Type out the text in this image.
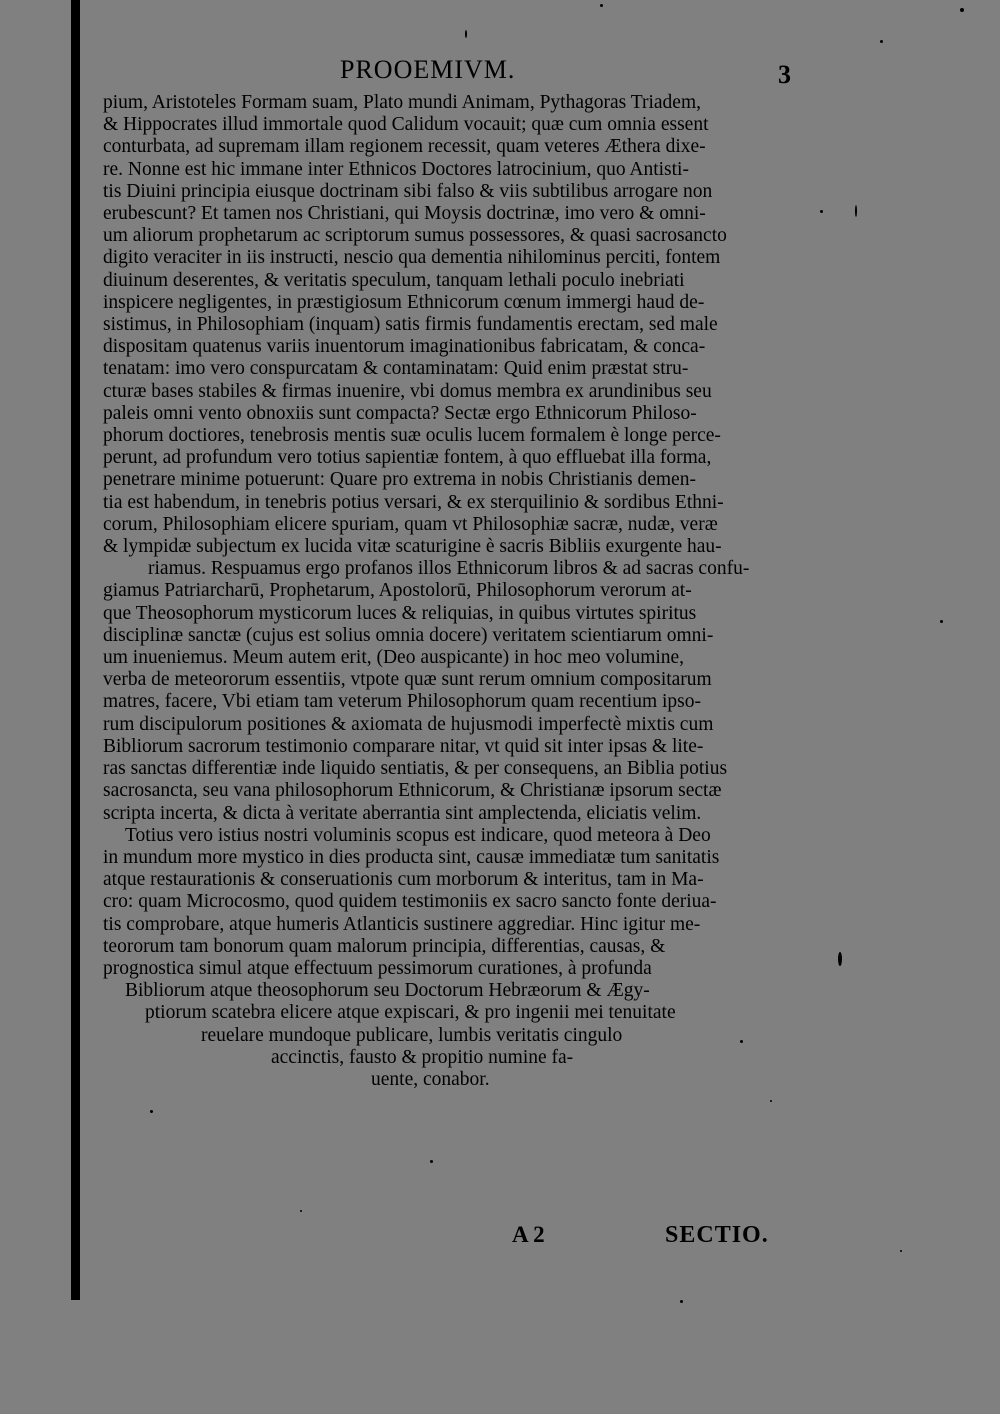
PROOEMIVM.	3
pium, Aristoteles Formam suam, Plato mundi Animam, Pythagoras Triadem,
& Hippocrates illud immortale quod Calidum vocauit; quæ cum omnia essent
conturbata, ad supremam illam regionem recessit, quam veteres Æthera dixe-
re. Nonne est hic immane inter Ethnicos Doctores latrocinium, quo Antisti-
tis Diuini principia eiusque doctrinam sibi falso & viis subtilibus arrogare non
erubescunt? Et tamen nos Christiani, qui Moysis doctrinæ, imo vero & omni-
um aliorum prophetarum ac scriptorum sumus possessores, & quasi sacrosancto
digito veraciter in iis instructi, nescio qua dementia nihilominus perciti, fontem
diuinum deserentes, & veritatis speculum, tanquam lethali poculo inebriati
inspicere negligentes, in præstigiosum Ethnicorum cœnum immergi haud de-
sistimus, in Philosophiam (inquam) satis firmis fundamentis erectam, sed male
dispositam quatenus variis inuentorum imaginationibus fabricatam, & conca-
tenatam: imo vero conspurcatam & contaminatam: Quid enim præstat stru-
cturæ bases stabiles & firmas inuenire, vbi domus membra ex arundinibus seu
paleis omni vento obnoxiis sunt compacta? Sectæ ergo Ethnicorum Philoso-
phorum doctiores, tenebrosis mentis suæ oculis lucem formalem è longe perce-
perunt, ad profundum vero totius sapientiæ fontem, à quo effluebat illa forma,
penetrare minime potuerunt: Quare pro extrema in nobis Christianis demen-
tia est habendum, in tenebris potius versari, & ex sterquilinio & sordibus Ethni-
corum, Philosophiam elicere spuriam, quam vt Philosophiæ sacræ, nudæ, veræ
& lympidæ subjectum ex lucida vitæ scaturigine è sacris Bibliis exurgente hau-
riamus. Respuamus ergo profanos illos Ethnicorum libros & ad sacras confu-
giamus Patriarcharū, Prophetarum, Apostolorū, Philosophorum verorum at-
que Theosophorum mysticorum luces & reliquias, in quibus virtutes spiritus
disciplinæ sanctæ (cujus est solius omnia docere) veritatem scientiarum omni-
um inueniemus. Meum autem erit, (Deo auspicante) in hoc meo volumine,
verba de meteororum essentiis, vtpote quæ sunt rerum omnium compositarum
matres, facere, Vbi etiam tam veterum Philosophorum quam recentium ipso-
rum discipulorum positiones & axiomata de hujusmodi imperfectè mixtis cum
Bibliorum sacrorum testimonio comparare nitar, vt quid sit inter ipsas & lite-
ras sanctas differentiæ inde liquido sentiatis, & per consequens, an Biblia potius
sacrosancta, seu vana philosophorum Ethnicorum, & Christianæ ipsorum sectæ
scripta incerta, & dicta à veritate aberrantia sint amplectenda, eliciatis velim.
Totius vero istius nostri voluminis scopus est indicare, quod meteora à Deo
in mundum more mystico in dies producta sint, causæ immediatæ tum sanitatis
atque restaurationis & conseruationis cum morborum & interitus, tam in Ma-
cro: quam Microcosmo, quod quidem testimoniis ex sacro sancto fonte deriua-
tis comprobare, atque humeris Atlanticis sustinere aggrediar. Hinc igitur me-
teororum tam bonorum quam malorum principia, differentias, causas, &
prognostica simul atque effectuum pessimorum curationes, à profunda
Bibliorum atque theosophorum seu Doctorum Hebræorum & Ægy-
ptiorum scatebra elicere atque expiscari, & pro ingenii mei tenuitate
reuelare mundoque publicare, lumbis veritatis cingulo
accinctis, fausto & propitio numine fa-
uente, conabor.
A 2	SECTIO.
